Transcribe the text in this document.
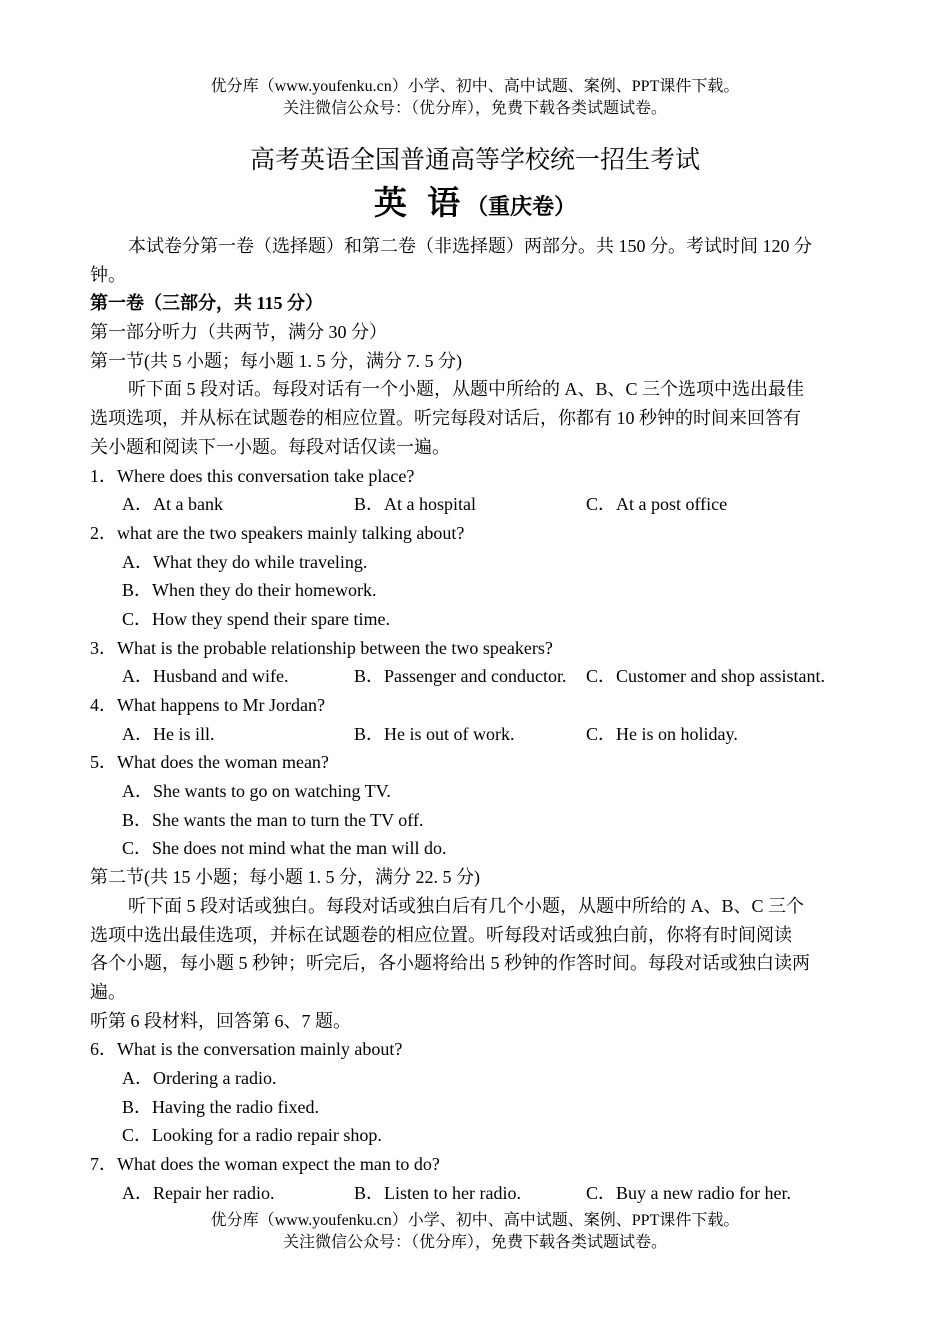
优分库（www.youfenku.cn）小学、初中、高中试题、案例、PPT课件下载。
关注微信公众号：（优分库），免费下载各类试题试卷。
高考英语全国普通高等学校统一招生考试
英 语（重庆卷）
本试卷分第一卷（选择题）和第二卷（非选择题）两部分。共 150 分。考试时间 120 分
钟。
第一卷（三部分，共 115 分）
第一部分听力（共两节，满分 30 分）
第一节(共 5 小题；每小题 1. 5 分，满分 7. 5 分)
听下面 5 段对话。每段对话有一个小题，从题中所给的 A、B、C 三个选项中选出最佳
选项选项，并从标在试题卷的相应位置。听完每段对话后，你都有 10 秒钟的时间来回答有
关小题和阅读下一小题。每段对话仅读一遍。
1．Where does this conversation take place?
A．At a bank	B．At a hospital	C．At a post office
2．what are the two speakers mainly talking about?
A．What they do while traveling.
B．When they do their homework.
C．How they spend their spare time.
3．What is the probable relationship between the two speakers?
A．Husband and wife.	B．Passenger and conductor. C．Customer and shop assistant.
4．What happens to Mr Jordan?
A．He is ill.	B．He is out of work.	C．He is on holiday.
5．What does the woman mean?
A．She wants to go on watching TV.
B．She wants the man to turn the TV off.
C．She does not mind what the man will do.
第二节(共 15 小题；每小题 1. 5 分，满分 22. 5 分)
听下面 5 段对话或独白。每段对话或独白后有几个小题，从题中所给的 A、B、C 三个
选项中选出最佳选项，并标在试题卷的相应位置。听每段对话或独白前，你将有时间阅读
各个小题，每小题 5 秒钟；听完后，各小题将给出 5 秒钟的作答时间。每段对话或独白读两
遍。
听第 6 段材料，回答第 6、7 题。
6．What is the conversation mainly about?
A．Ordering a radio.
B．Having the radio fixed.
C．Looking for a radio repair shop.
7．What does the woman expect the man to do?
A．Repair her radio.	B．Listen to her radio.	C．Buy a new radio for her.
优分库（www.youfenku.cn）小学、初中、高中试题、案例、PPT课件下载。
关注微信公众号：（优分库），免费下载各类试题试卷。
